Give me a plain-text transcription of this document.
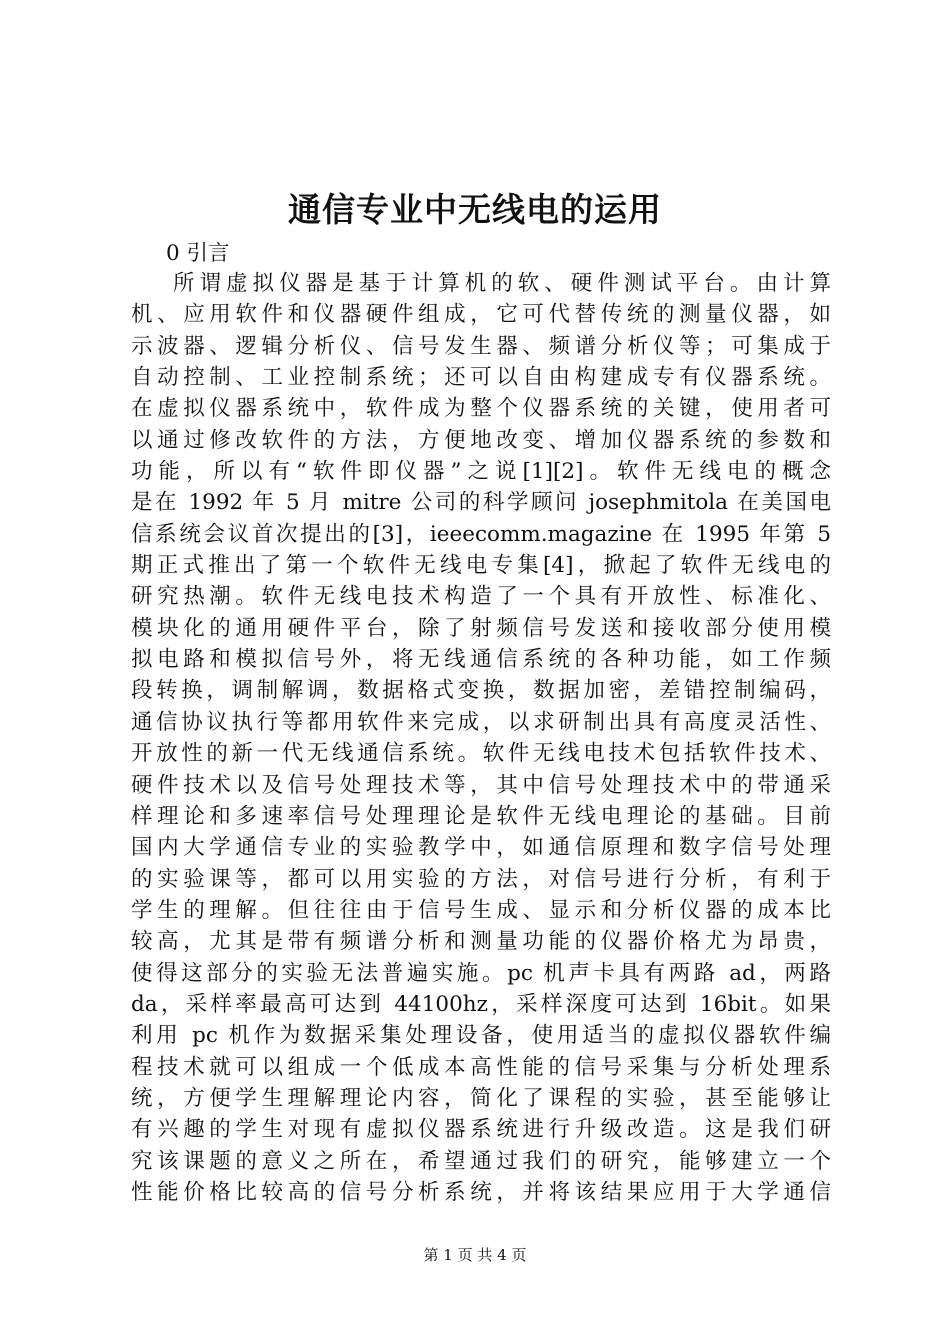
通信专业中无线电的运用
0 引言
所谓虚拟仪器是基于计算机的软、硬件测试平台。由计算
机、应用软件和仪器硬件组成，它可代替传统的测量仪器，如
示波器、逻辑分析仪、信号发生器、频谱分析仪等；可集成于
自动控制、工业控制系统；还可以自由构建成专有仪器系统。
在虚拟仪器系统中，软件成为整个仪器系统的关键，使用者可
以通过修改软件的方法，方便地改变、增加仪器系统的参数和
功能，所以有“软件即仪器”之说[1][2]。软件无线电的概念
是在 1992 年 5 月 mitre 公司的科学顾问 josephmitola 在美国电
信系统会议首次提出的[3]，ieeecomm.magazine 在 1995 年第 5
期正式推出了第一个软件无线电专集[4]，掀起了软件无线电的
研究热潮。软件无线电技术构造了一个具有开放性、标准化、
模块化的通用硬件平台，除了射频信号发送和接收部分使用模
拟电路和模拟信号外，将无线通信系统的各种功能，如工作频
段转换，调制解调，数据格式变换，数据加密，差错控制编码，
通信协议执行等都用软件来完成，以求研制出具有高度灵活性、
开放性的新一代无线通信系统。软件无线电技术包括软件技术、
硬件技术以及信号处理技术等，其中信号处理技术中的带通采
样理论和多速率信号处理理论是软件无线电理论的基础。目前
国内大学通信专业的实验教学中，如通信原理和数字信号处理
的实验课等，都可以用实验的方法，对信号进行分析，有利于
学生的理解。但往往由于信号生成、显示和分析仪器的成本比
较高，尤其是带有频谱分析和测量功能的仪器价格尤为昂贵，
使得这部分的实验无法普遍实施。pc 机声卡具有两路 ad，两路
da，采样率最高可达到 44100hz，采样深度可达到 16bit。如果
利用 pc 机作为数据采集处理设备，使用适当的虚拟仪器软件编
程技术就可以组成一个低成本高性能的信号采集与分析处理系
统，方便学生理解理论内容，简化了课程的实验，甚至能够让
有兴趣的学生对现有虚拟仪器系统进行升级改造。这是我们研
究该课题的意义之所在，希望通过我们的研究，能够建立一个
性能价格比较高的信号分析系统，并将该结果应用于大学通信
第 1 页 共 4 页
